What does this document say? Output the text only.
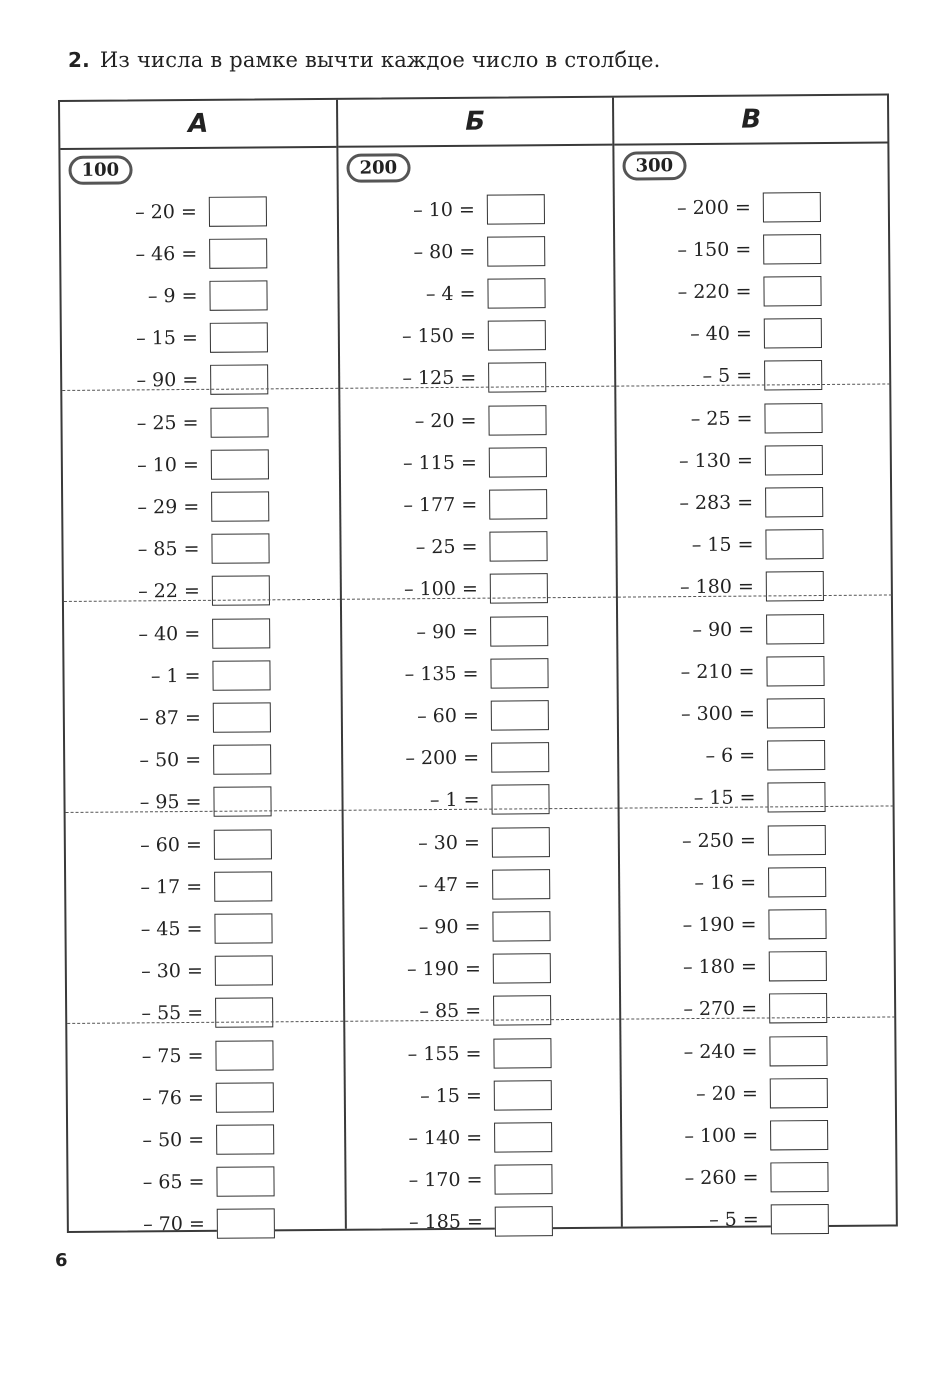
2. Из числа в рамке вычти каждое число в столбце.
А
100
– 20 =
– 46 =
– 9 =
– 15 =
– 90 =
– 25 =
– 10 =
– 29 =
– 85 =
– 22 =
– 40 =
– 1 =
– 87 =
– 50 =
– 95 =
– 60 =
– 17 =
– 45 =
– 30 =
– 55 =
– 75 =
– 76 =
– 50 =
– 65 =
– 70 =
Б
200
– 10 =
– 80 =
– 4 =
– 150 =
– 125 =
– 20 =
– 115 =
– 177 =
– 25 =
– 100 =
– 90 =
– 135 =
– 60 =
– 200 =
– 1 =
– 30 =
– 47 =
– 90 =
– 190 =
– 85 =
– 155 =
– 15 =
– 140 =
– 170 =
– 185 =
В
300
– 200 =
– 150 =
– 220 =
– 40 =
– 5 =
– 25 =
– 130 =
– 283 =
– 15 =
– 180 =
– 90 =
– 210 =
– 300 =
– 6 =
– 15 =
– 250 =
– 16 =
– 190 =
– 180 =
– 270 =
– 240 =
– 20 =
– 100 =
– 260 =
– 5 =
6
